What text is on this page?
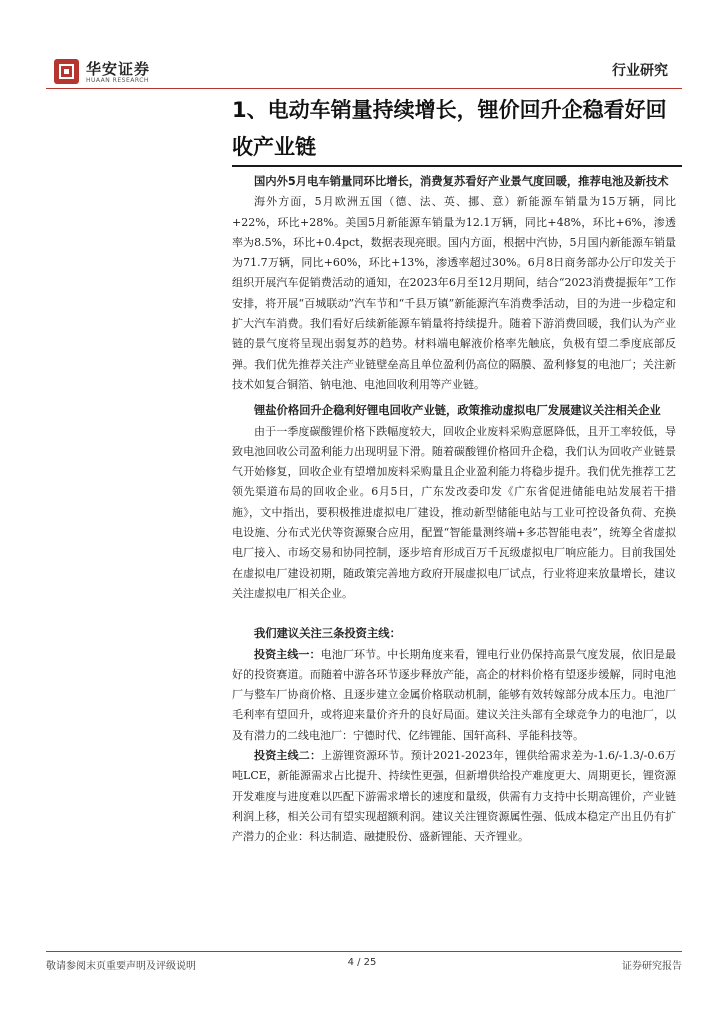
华安证券
HUAAN RESEARCH
行业研究
1、电动车销量持续增长，锂价回升企稳看好回收产业链

国内外5月电车销量同环比增长，消费复苏看好产业景气度回暖，推荐电池及新技术

海外方面，5月欧洲五国（德、法、英、挪、意）新能源车销量为15万辆，同比+22%，环比+28%。美国5月新能源车销量为12.1万辆，同比+48%，环比+6%，渗透率为8.5%，环比+0.4pct，数据表现亮眼。国内方面，根据中汽协，5月国内新能源车销量为71.7万辆，同比+60%，环比+13%，渗透率超过30%。6月8日商务部办公厅印发关于组织开展汽车促销费活动的通知，在2023年6月至12月期间，结合“2023消费提振年”工作安排，将开展“百城联动”汽车节和“千县万镇”新能源汽车消费季活动，目的为进一步稳定和扩大汽车消费。我们看好后续新能源车销量将持续提升。随着下游消费回暖，我们认为产业链的景气度将呈现出弱复苏的趋势。材料端电解液价格率先触底，负极有望二季度底部反弹。我们优先推荐关注产业链壁垒高且单位盈利仍高位的隔膜、盈利修复的电池厂；关注新技术如复合铜箔、钠电池、电池回收利用等产业链。

锂盐价格回升企稳利好锂电回收产业链，政策推动虚拟电厂发展建议关注相关企业

由于一季度碳酸锂价格下跌幅度较大，回收企业废料采购意愿降低，且开工率较低，导致电池回收公司盈利能力出现明显下滑。随着碳酸锂价格回升企稳，我们认为回收产业链景气开始修复，回收企业有望增加废料采购量且企业盈利能力将稳步提升。我们优先推荐工艺领先渠道布局的回收企业。6月5日，广东发改委印发《广东省促进储能电站发展若干措施》，文中指出，要积极推进虚拟电厂建设，推动新型储能电站与工业可控设备负荷、充换电设施、分布式光伏等资源聚合应用，配置“智能量测终端+多芯智能电表”，统筹全省虚拟电厂接入、市场交易和协同控制，逐步培育形成百万千瓦级虚拟电厂响应能力。目前我国处在虚拟电厂建设初期，随政策完善地方政府开展虚拟电厂试点，行业将迎来放量增长，建议关注虚拟电厂相关企业。

我们建议关注三条投资主线：

投资主线一：电池厂环节。中长期角度来看，锂电行业仍保持高景气度发展，依旧是最好的投资赛道。而随着中游各环节逐步释放产能，高企的材料价格有望逐步缓解，同时电池厂与整车厂协商价格、且逐步建立金属价格联动机制，能够有效转嫁部分成本压力。电池厂毛利率有望回升，或将迎来量价齐升的良好局面。建议关注头部有全球竞争力的电池厂，以及有潜力的二线电池厂：宁德时代、亿纬锂能、国轩高科、孚能科技等。

投资主线二：上游锂资源环节。预计2021-2023年，锂供给需求差为-1.6/-1.3/-0.6万吨LCE，新能源需求占比提升、持续性更强，但新增供给投产难度更大、周期更长，锂资源开发难度与进度难以匹配下游需求增长的速度和量级，供需有力支持中长期高锂价，产业链利润上移，相关公司有望实现超额利润。建议关注锂资源属性强、低成本稳定产出且仍有扩产潜力的企业：科达制造、融捷股份、盛新锂能、天齐锂业。

敬请参阅末页重要声明及评级说明	4 / 25	证券研究报告
